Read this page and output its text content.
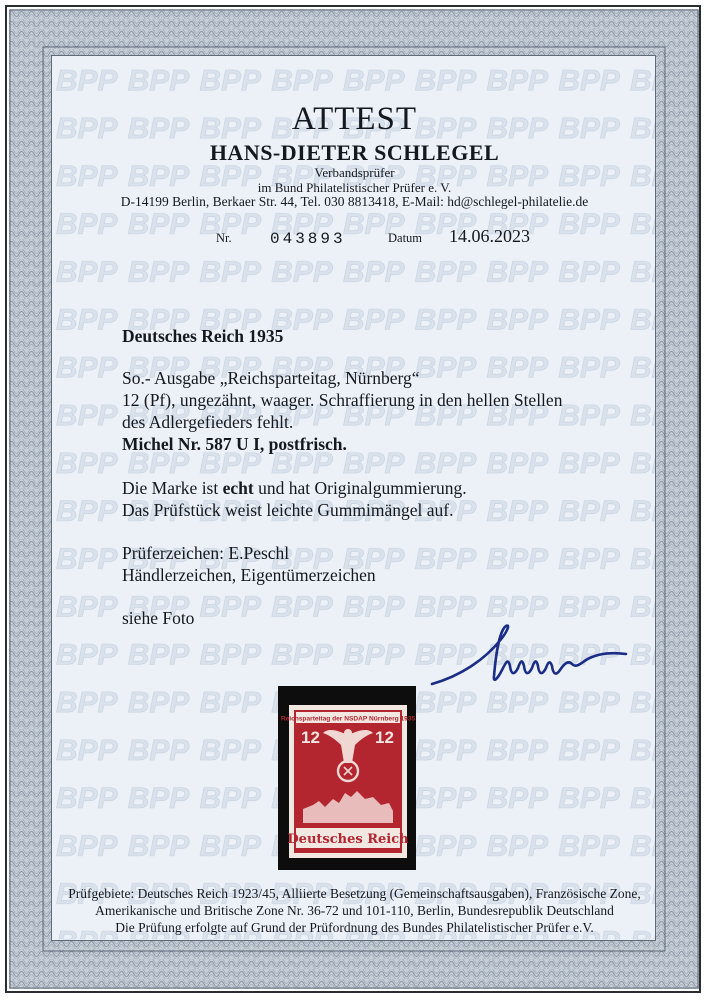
ATTEST
HANS-DIETER SCHLEGEL
Verbandsprüfer
im Bund Philatelistischer Prüfer e. V.
D-14199 Berlin, Berkaer Str. 44, Tel. 030 8813418, E-Mail: hd@schlegel-philatelie.de
Nr. 043893	Datum 14.06.2023
Deutsches Reich 1935
So.- Ausgabe „Reichsparteitag, Nürnberg“
12 (Pf), ungezähnt, waager. Schraffierung in den hellen Stellen
des Adlergefieders fehlt.
Michel Nr. 587 U I, postfrisch.
Die Marke ist echt und hat Originalgummierung.
Das Prüfstück weist leichte Gummimängel auf.
Prüferzeichen: E.Peschl
Händlerzeichen, Eigentümerzeichen
siehe Foto
Reichsparteitag der NSDAP Nürnberg 1935
12	12
Deutsches Reich
Prüfgebiete: Deutsches Reich 1923/45, Alliierte Besetzung (Gemeinschaftsausgaben), Französische Zone,
Amerikanische und Britische Zone Nr. 36-72 und 101-110, Berlin, Bundesrepublik Deutschland
Die Prüfung erfolgte auf Grund der Prüfordnung des Bundes Philatelistischer Prüfer e.V.
